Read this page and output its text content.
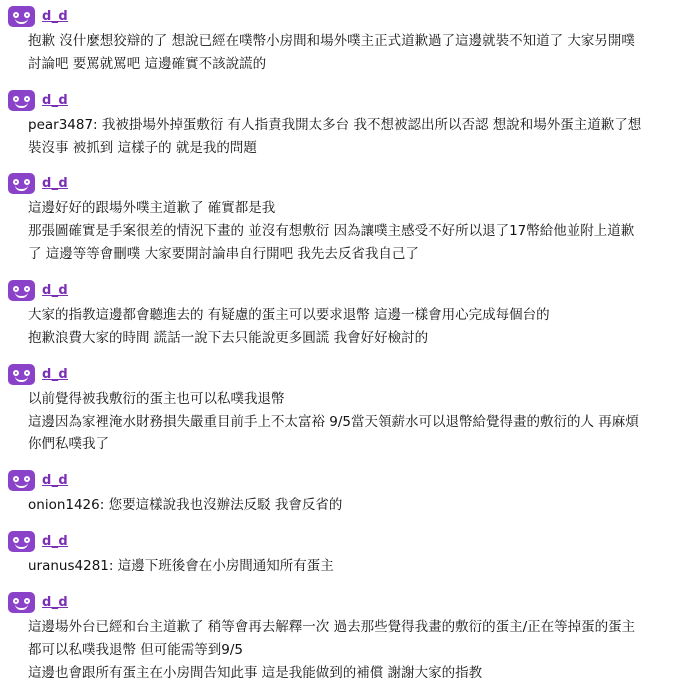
d_d
抱歉 沒什麼想狡辯的了 想說已經在噗幣小房間和場外噗主正式道歉過了這邊就裝不知道了 大家另開噗
討論吧 要罵就罵吧 這邊確實不該說謊的
d_d
pear3487: 我被掛場外掉蛋敷衍 有人指責我開太多台 我不想被認出所以否認 想說和場外蛋主道歉了想
裝沒事 被抓到 這樣子的 就是我的問題
d_d
這邊好好的跟場外噗主道歉了 確實都是我
那張圖確實是手案很差的情況下畫的 並沒有想敷衍 因為讓噗主感受不好所以退了17幣給他並附上道歉
了 這邊等等會刪噗 大家要開討論串自行開吧 我先去反省我自己了
d_d
大家的指教這邊都會聽進去的 有疑慮的蛋主可以要求退幣 這邊一樣會用心完成每個台的
抱歉浪費大家的時間 謊話一說下去只能說更多圓謊 我會好好檢討的
d_d
以前覺得被我敷衍的蛋主也可以私噗我退幣
這邊因為家裡淹水財務損失嚴重目前手上不太富裕 9/5當天領薪水可以退幣給覺得畫的敷衍的人 再麻煩
你們私噗我了
d_d
onion1426: 您要這樣說我也沒辦法反駁 我會反省的
d_d
uranus4281: 這邊下班後會在小房間通知所有蛋主
d_d
這邊場外台已經和台主道歉了 稍等會再去解釋一次 過去那些覺得我畫的敷衍的蛋主/正在等掉蛋的蛋主
都可以私噗我退幣 但可能需等到9/5
這邊也會跟所有蛋主在小房間告知此事 這是我能做到的補償 謝謝大家的指教
